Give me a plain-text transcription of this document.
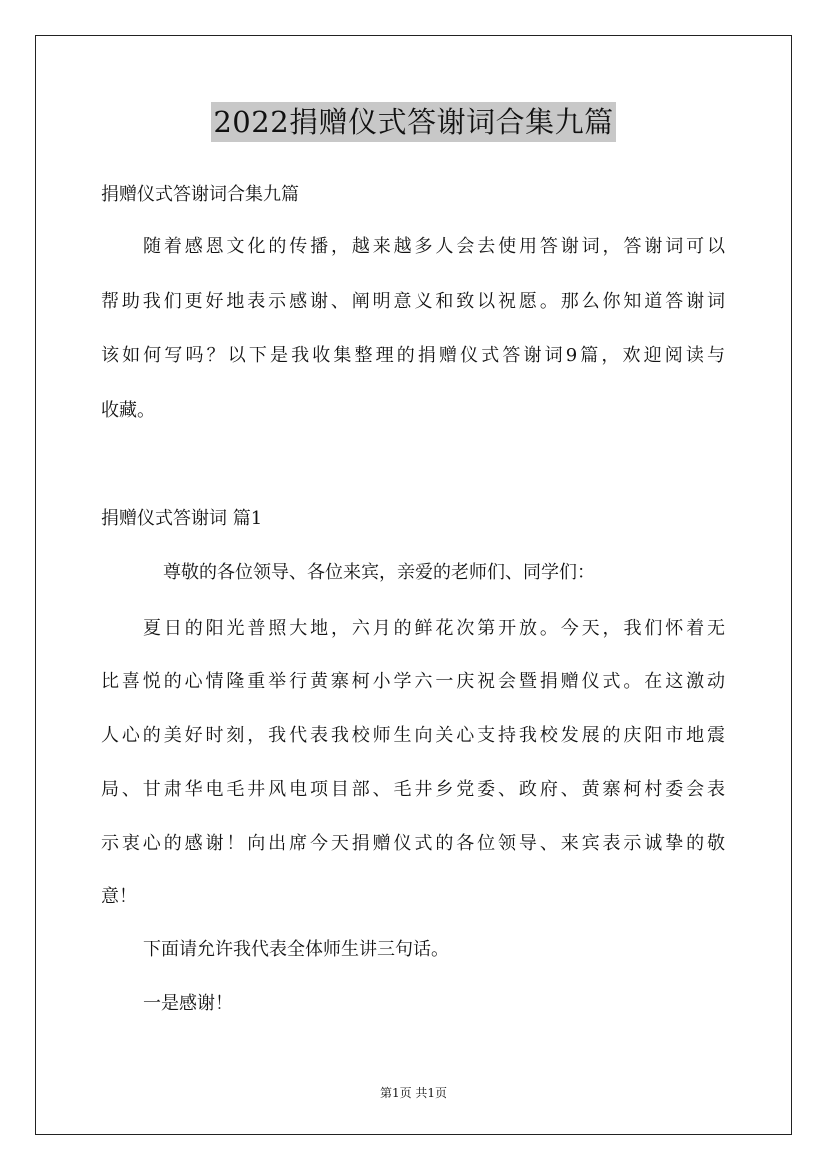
2022捐赠仪式答谢词合集九篇

捐赠仪式答谢词合集九篇

随着感恩文化的传播，越来越多人会去使用答谢词，答谢词可以

帮助我们更好地表示感谢、阐明意义和致以祝愿。那么你知道答谢词

该如何写吗？以下是我收集整理的捐赠仪式答谢词9篇，欢迎阅读与

收藏。

捐赠仪式答谢词 篇1

尊敬的各位领导、各位来宾，亲爱的老师们、同学们：

夏日的阳光普照大地，六月的鲜花次第开放。今天，我们怀着无

比喜悦的心情隆重举行黄寨柯小学六一庆祝会暨捐赠仪式。在这激动

人心的美好时刻，我代表我校师生向关心支持我校发展的庆阳市地震

局、甘肃华电毛井风电项目部、毛井乡党委、政府、黄寨柯村委会表

示衷心的感谢！向出席今天捐赠仪式的各位领导、来宾表示诚挚的敬

意！

下面请允许我代表全体师生讲三句话。

一是感谢！

第1页 共1页
